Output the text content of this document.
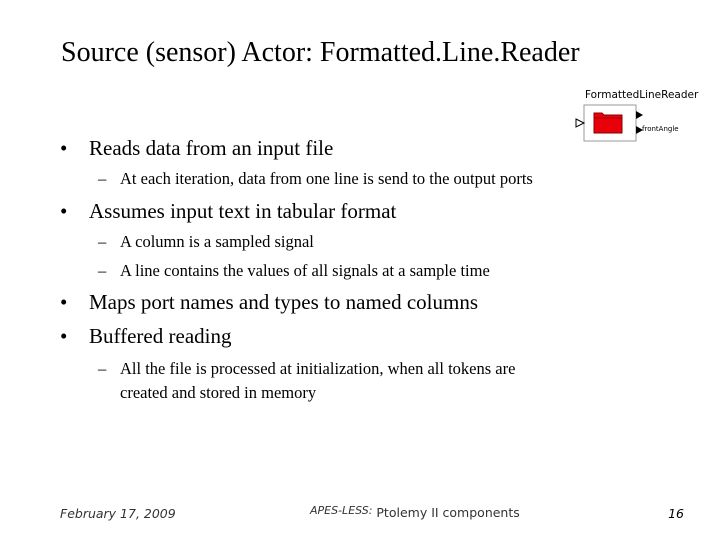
Source (sensor) Actor: Formatted.Line.Reader
FormattedLineReader
frontAngle
• Reads data from an input file
– At each iteration, data from one line is send to the output ports
• Assumes input text in tabular format
– A column is a sampled signal
– A line contains the values of all signals at a sample time
• Maps port names and types to named columns
• Buffered reading
– All the file is processed at initialization, when all tokens are
created and stored in memory
February 17, 2009	APES-LESS: Ptolemy II components	16
